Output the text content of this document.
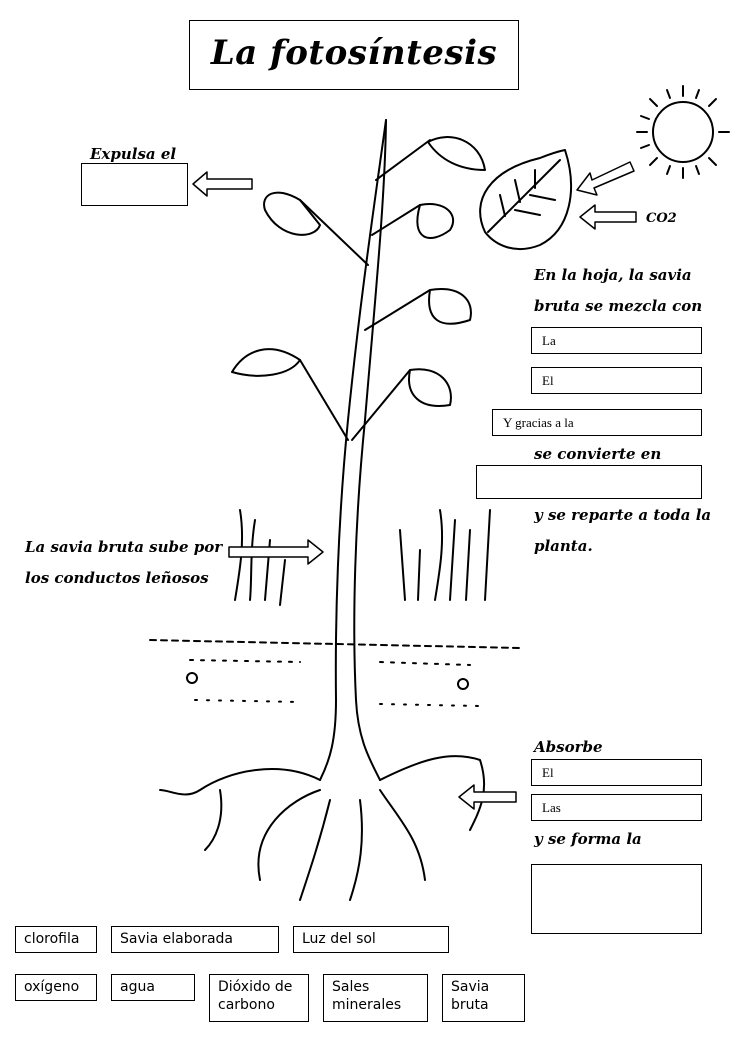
La fotosíntesis
Expulsa el
CO2
En la hoja, la savia
bruta se mezcla con
La
El
Y gracias a la
se convierte en
y se reparte a toda la
planta.
La savia bruta sube por
los conductos leñosos
Absorbe
El
Las
y se forma la
clorofila	Savia elaborada	Luz del sol
oxígeno	agua	Dióxido de
carbono
Sales
minerales
Savia
bruta
